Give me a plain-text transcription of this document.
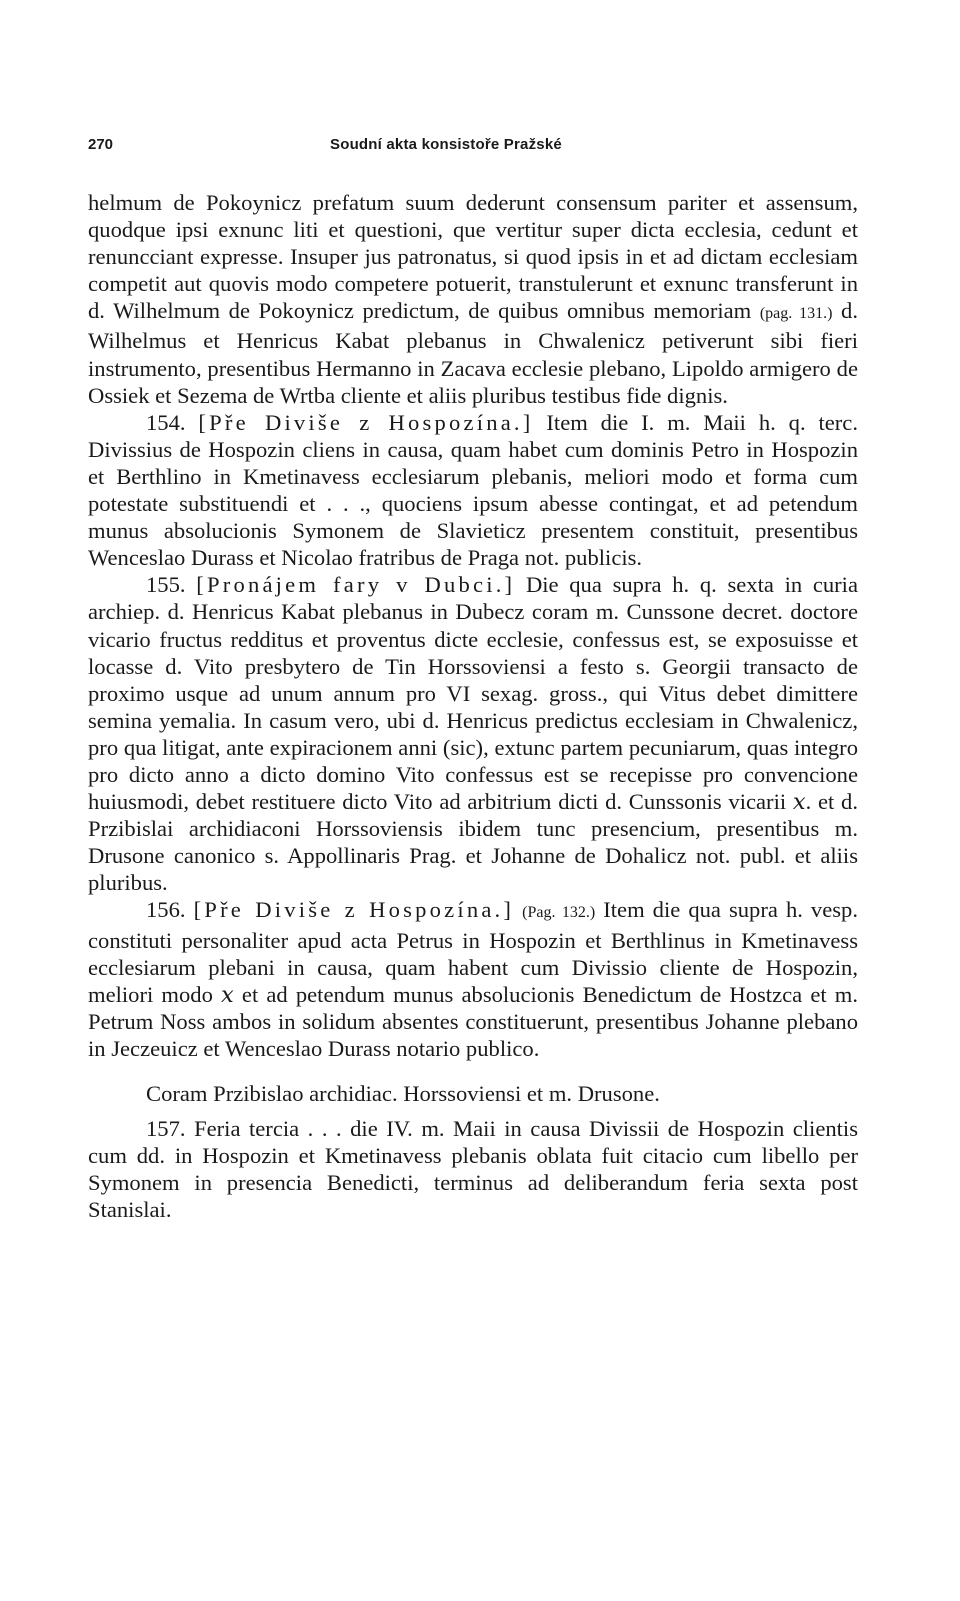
270	Soudní akta konsistoře Pražské

helmum de Pokoynicz prefatum suum dederunt consensum pariter et assensum, quodque ipsi exnunc liti et questioni, que vertitur super dicta ecclesia, cedunt et renuncciant expresse. Insuper jus patronatus, si quod ipsis in et ad dictam ecclesiam competit aut quovis modo competere potuerit, transtulerunt et exnunc transferunt in d. Wilhelmum de Pokoynicz predictum, de quibus omnibus memoriam (pag. 131.) d. Wilhelmus et Henricus Kabat plebanus in Chwalenicz petiverunt sibi fieri instrumento, presentibus Hermanno in Zacava ecclesie plebano, Lipoldo armigero de Ossiek et Sezema de Wrtba cliente et aliis pluribus testibus fide dignis.

154. [Pře Diviše z Hospozína.] Item die I. m. Maii h. q. terc. Divissius de Hospozin cliens in causa, quam habet cum dominis Petro in Hospozin et Berthlino in Kmetinavess ecclesiarum plebanis, meliori modo et forma cum potestate substituendi et . . ., quociens ipsum abesse contingat, et ad petendum munus absolucionis Symonem de Slavieticz presentem constituit, presentibus Wenceslao Durass et Nicolao fratribus de Praga not. publicis.

155. [Pronájem fary v Dubci.] Die qua supra h. q. sexta in curia archiep. d. Henricus Kabat plebanus in Dubecz coram m. Cunssone decret. doctore vicario fructus redditus et proventus dicte ecclesie, confessus est, se exposuisse et locasse d. Vito presbytero de Tin Horssoviensi a festo s. Georgii transacto de proximo usque ad unum annum pro VI sexag. gross., qui Vitus debet dimittere semina yemalia. In casum vero, ubi d. Henricus predictus ecclesiam in Chwalenicz, pro qua litigat, ante expiracionem anni (sic), extunc partem pecuniarum, quas integro pro dicto anno a dicto domino Vito confessus est se recepisse pro convencione huiusmodi, debet restituere dicto Vito ad arbitrium dicti d. Cunssonis vicarii 𝑥. et d. Przibislai archidiaconi Horssoviensis ibidem tunc presencium, presentibus m. Drusone canonico s. Appollinaris Prag. et Johanne de Dohalicz not. publ. et aliis pluribus.

156. [Pře Diviše z Hospozína.] (Pag. 132.) Item die qua supra h. vesp. constituti personaliter apud acta Petrus in Hospozin et Berthlinus in Kmetinavess ecclesiarum plebani in causa, quam habent cum Divissio cliente de Hospozin, meliori modo 𝑥 et ad petendum munus absolucionis Benedictum de Hostzca et m. Petrum Noss ambos in solidum absentes constituerunt, presentibus Johanne plebano in Jeczeuicz et Wenceslao Durass notario publico.

Coram Przibislao archidiac. Horssoviensi et m. Drusone.

157. Feria tercia . . . die IV. m. Maii in causa Divissii de Hospozin clientis cum dd. in Hospozin et Kmetinavess plebanis oblata fuit citacio cum libello per Symonem in presencia Benedicti, terminus ad deliberandum feria sexta post Stanislai.
